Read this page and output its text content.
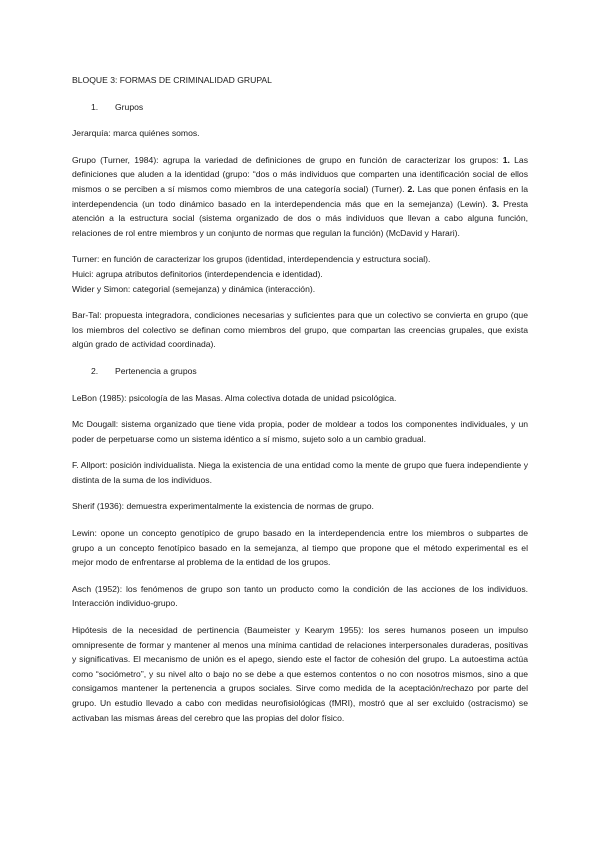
BLOQUE 3: FORMAS DE CRIMINALIDAD GRUPAL
1. Grupos

Jerarquía: marca quiénes somos.

Grupo (Turner, 1984): agrupa la variedad de definiciones de grupo en función de caracterizar los grupos: 1. Las definiciones que aluden a la identidad (grupo: “dos o más individuos que comparten una identificación social de ellos mismos o se perciben a sí mismos como miembros de una categoría social) (Turner). 2. Las que ponen énfasis en la interdependencia (un todo dinámico basado en la interdependencia más que en la semejanza) (Lewin). 3. Presta atención a la estructura social (sistema organizado de dos o más individuos que llevan a cabo alguna función, relaciones de rol entre miembros y un conjunto de normas que regulan la función) (McDavid y Harari).

Turner: en función de caracterizar los grupos (identidad, interdependencia y estructura social).

Huici: agrupa atributos definitorios (interdependencia e identidad).

Wider y Simon: categorial (semejanza) y dinámica (interacción).

Bar-Tal: propuesta integradora, condiciones necesarias y suficientes para que un colectivo se convierta en grupo (que los miembros del colectivo se definan como miembros del grupo, que compartan las creencias grupales, que exista algún grado de actividad coordinada).

2. Pertenencia a grupos

LeBon (1985): psicología de las Masas. Alma colectiva dotada de unidad psicológica.

Mc Dougall: sistema organizado que tiene vida propia, poder de moldear a todos los componentes individuales, y un poder de perpetuarse como un sistema idéntico a sí mismo, sujeto solo a un cambio gradual.

F. Allport: posición individualista. Niega la existencia de una entidad como la mente de grupo que fuera independiente y distinta de la suma de los individuos.

Sherif (1936): demuestra experimentalmente la existencia de normas de grupo.

Lewin: opone un concepto genotípico de grupo basado en la interdependencia entre los miembros o subpartes de grupo a un concepto fenotípico basado en la semejanza, al tiempo que propone que el método experimental es el mejor modo de enfrentarse al problema de la entidad de los grupos.

Asch (1952): los fenómenos de grupo son tanto un producto como la condición de las acciones de los individuos. Interacción individuo-grupo.

Hipótesis de la necesidad de pertinencia (Baumeister y Kearym 1955): los seres humanos poseen un impulso omnipresente de formar y mantener al menos una mínima cantidad de relaciones interpersonales duraderas, positivas y significativas. El mecanismo de unión es el apego, siendo este el factor de cohesión del grupo. La autoestima actúa como “sociómetro”, y su nivel alto o bajo no se debe a que estemos contentos o no con nosotros mismos, sino a que consigamos mantener la pertenencia a grupos sociales. Sirve como medida de la aceptación/rechazo por parte del grupo. Un estudio llevado a cabo con medidas neurofisiológicas (fMRI), mostró que al ser excluido (ostracismo) se activaban las mismas áreas del cerebro que las propias del dolor físico.
